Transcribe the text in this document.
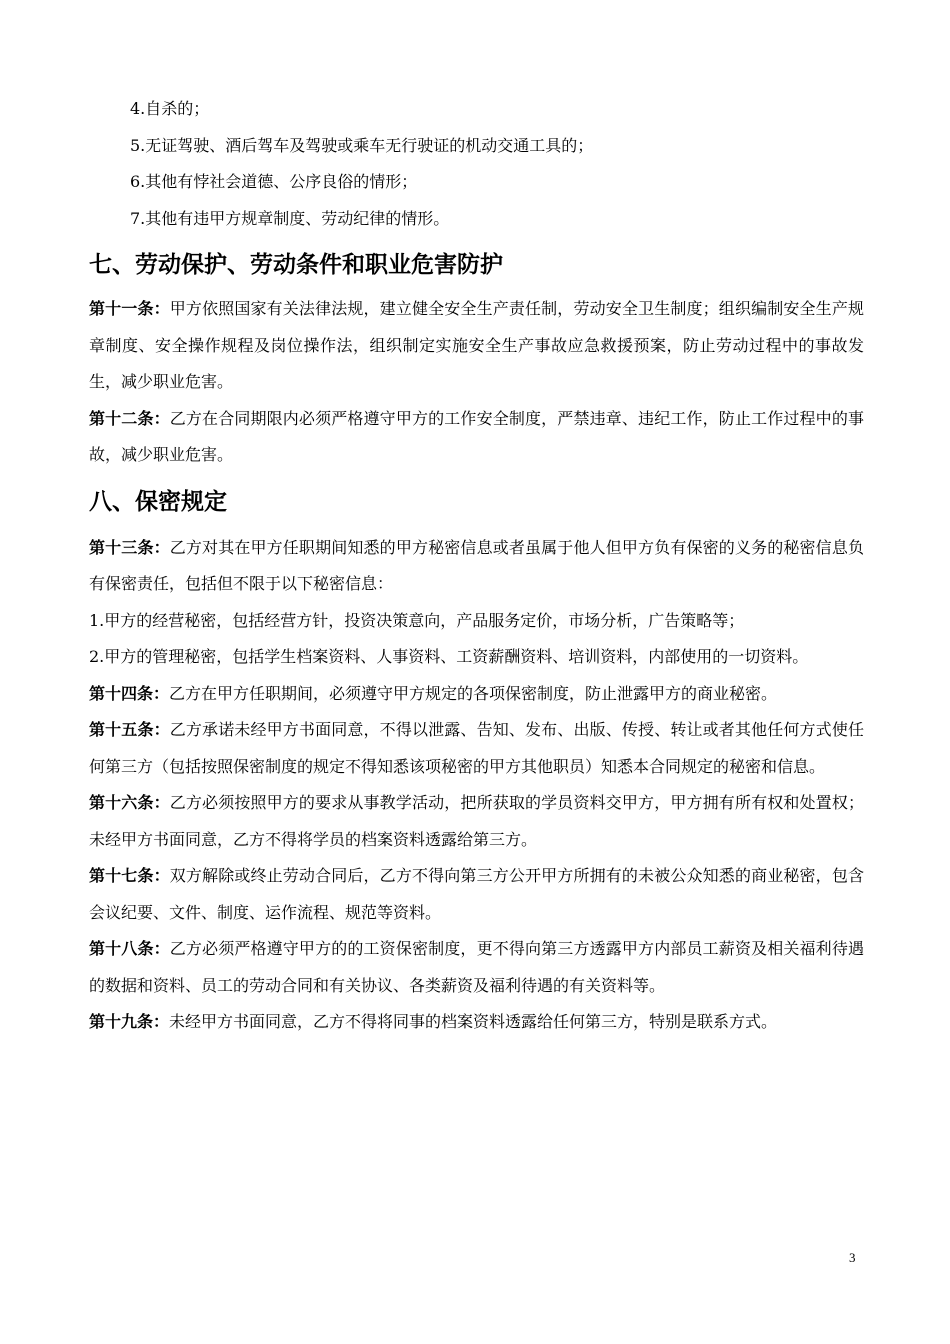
4.自杀的；
5.无证驾驶、酒后驾车及驾驶或乘车无行驶证的机动交通工具的；
6.其他有悖社会道德、公序良俗的情形；
7.其他有违甲方规章制度、劳动纪律的情形。
七、劳动保护、劳动条件和职业危害防护
第十一条：甲方依照国家有关法律法规，建立健全安全生产责任制，劳动安全卫生制度；组织编制安全生产规章制度、安全操作规程及岗位操作法，组织制定实施安全生产事故应急救援预案，防止劳动过程中的事故发生，减少职业危害。
第十二条：乙方在合同期限内必须严格遵守甲方的工作安全制度，严禁违章、违纪工作，防止工作过程中的事故，减少职业危害。
八、保密规定
第十三条：乙方对其在甲方任职期间知悉的甲方秘密信息或者虽属于他人但甲方负有保密的义务的秘密信息负有保密责任，包括但不限于以下秘密信息：
1.甲方的经营秘密，包括经营方针，投资决策意向，产品服务定价，市场分析，广告策略等；
2.甲方的管理秘密，包括学生档案资料、人事资料、工资薪酬资料、培训资料，内部使用的一切资料。
第十四条：乙方在甲方任职期间，必须遵守甲方规定的各项保密制度，防止泄露甲方的商业秘密。
第十五条：乙方承诺未经甲方书面同意，不得以泄露、告知、发布、出版、传授、转让或者其他任何方式使任何第三方（包括按照保密制度的规定不得知悉该项秘密的甲方其他职员）知悉本合同规定的秘密和信息。
第十六条：乙方必须按照甲方的要求从事教学活动，把所获取的学员资料交甲方，甲方拥有所有权和处置权；未经甲方书面同意，乙方不得将学员的档案资料透露给第三方。
第十七条：双方解除或终止劳动合同后，乙方不得向第三方公开甲方所拥有的未被公众知悉的商业秘密，包含会议纪要、文件、制度、运作流程、规范等资料。
第十八条：乙方必须严格遵守甲方的的工资保密制度，更不得向第三方透露甲方内部员工薪资及相关福利待遇的数据和资料、员工的劳动合同和有关协议、各类薪资及福利待遇的有关资料等。
第十九条：未经甲方书面同意，乙方不得将同事的档案资料透露给任何第三方，特别是联系方式。
3
